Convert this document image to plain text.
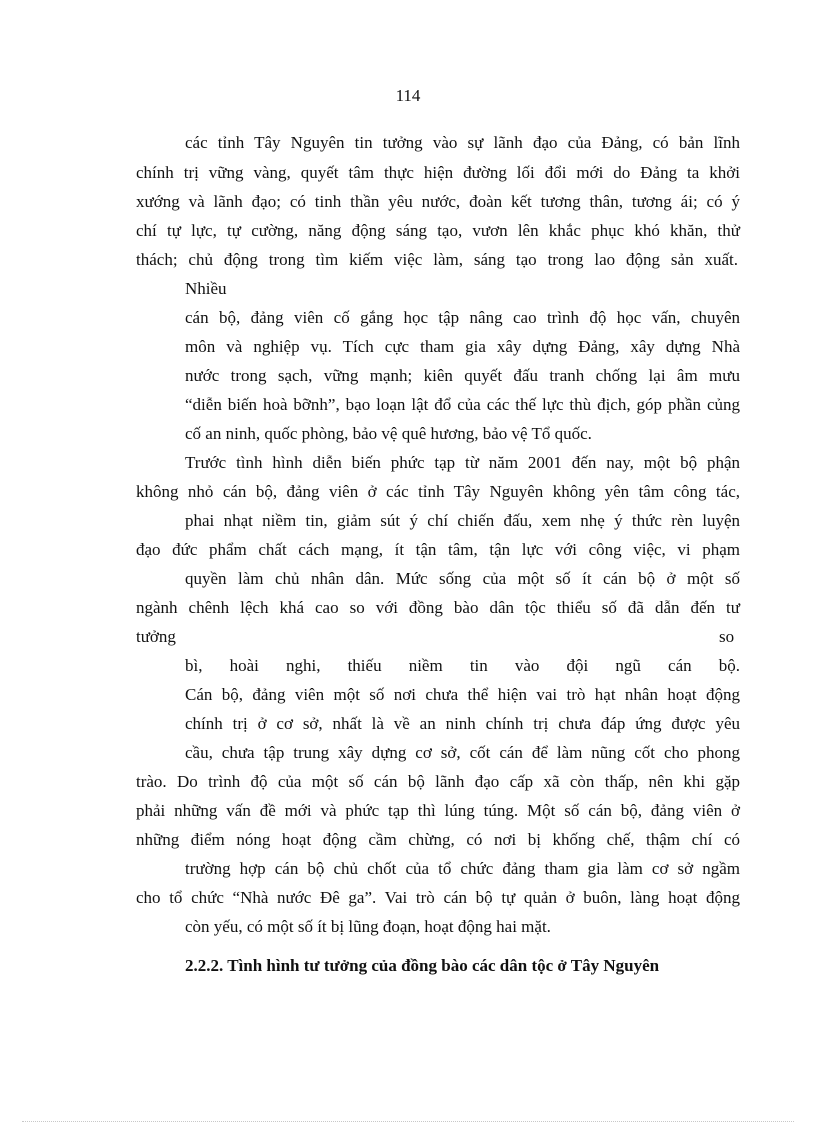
114
các tỉnh Tây Nguyên tin tưởng vào sự lãnh đạo của Đảng, có bản lĩnh
chính trị vững vàng, quyết tâm thực hiện đường lối đổi mới do Đảng ta khởi
xướng và lãnh đạo; có tinh thần yêu nước, đoàn kết tương thân, tương ái; có ý
chí tự lực, tự cường, năng động sáng tạo, vươn lên khắc phục khó khăn, thử
thách; chủ động trong tìm kiếm việc làm, sáng tạo trong lao động sản xuất.
Nhiều
cán bộ, đảng viên cố gắng học tập nâng cao trình độ học vấn, chuyên
môn và nghiệp vụ. Tích cực tham gia xây dựng Đảng, xây dựng Nhà
nước trong sạch, vững mạnh; kiên quyết đấu tranh chống lại âm mưu
“diễn biến hoà bỡnh”, bạo loạn lật đổ của các thế lực thù địch, góp phần củng
cố an ninh, quốc phòng, bảo vệ quê hương, bảo vệ Tổ quốc.
Trước tình hình diễn biến phức tạp từ năm 2001 đến nay, một bộ phận
không nhỏ cán bộ, đảng viên ở các tỉnh Tây Nguyên không yên tâm công tác,
phai nhạt niềm tin, giảm sút ý chí chiến đấu, xem nhẹ ý thức rèn luyện
đạo đức phẩm chất cách mạng, ít tận tâm, tận lực với công việc, vi phạm
quyền làm chủ nhân dân. Mức sống của một số ít cán bộ ở một số
ngành chênh lệch khá cao so với đồng bào dân tộc thiểu số đã dẫn đến tư
tưởng	so
bì, hoài nghi, thiếu niềm tin vào đội ngũ cán bộ.
Cán bộ, đảng viên một số nơi chưa thể hiện vai trò hạt nhân hoạt động
chính trị ở cơ sở, nhất là về an ninh chính trị chưa đáp ứng được yêu
cầu, chưa tập trung xây dựng cơ sở, cốt cán để làm nũng cốt cho phong
trào. Do trình độ của một số cán bộ lãnh đạo cấp xã còn thấp, nên khi gặp
phải những vấn đề mới và phức tạp thì lúng túng. Một số cán bộ, đảng viên ở
những điểm nóng hoạt động cầm chừng, có nơi bị khống chế, thậm chí có
trường hợp cán bộ chủ chốt của tổ chức đảng tham gia làm cơ sở ngầm
cho tổ chức “Nhà nước Đê ga”. Vai trò cán bộ tự quản ở buôn, làng hoạt động
còn yếu, có một số ít bị lũng đoạn, hoạt động hai mặt.
2.2.2. Tình hình tư tưởng của đồng bào các dân tộc ở Tây Nguyên
